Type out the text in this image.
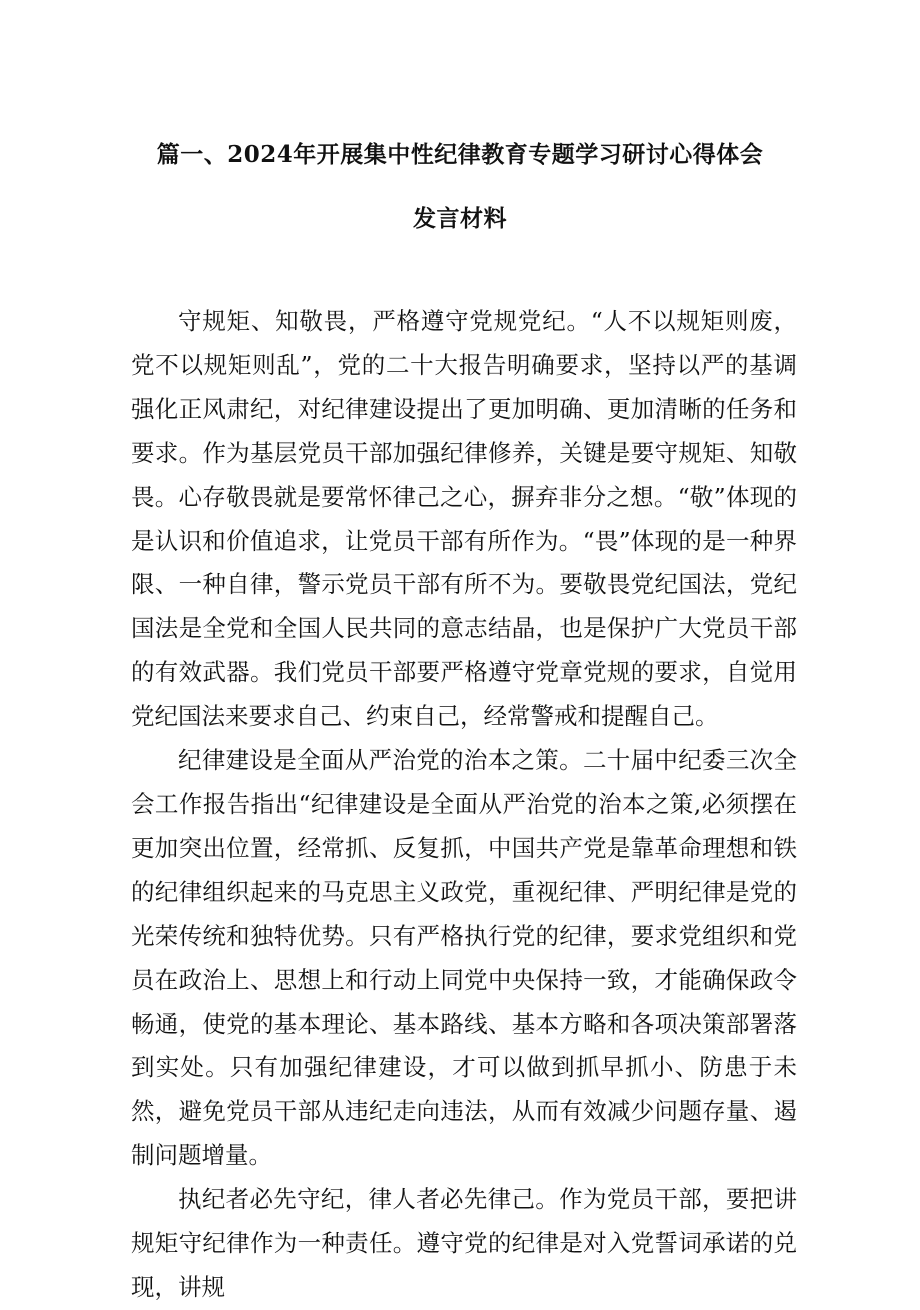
篇一、2024年开展集中性纪律教育专题学习研讨心得体会
发言材料

守规矩、知敬畏，严格遵守党规党纪。“人不以规矩则废，党不以规矩则乱”，党的二十大报告明确要求，坚持以严的基调强化正风肃纪，对纪律建设提出了更加明确、更加清晰的任务和要求。作为基层党员干部加强纪律修养，关键是要守规矩、知敬畏。心存敬畏就是要常怀律己之心，摒弃非分之想。“敬”体现的是认识和价值追求，让党员干部有所作为。“畏”体现的是一种界限、一种自律，警示党员干部有所不为。要敬畏党纪国法，党纪国法是全党和全国人民共同的意志结晶，也是保护广大党员干部的有效武器。我们党员干部要严格遵守党章党规的要求，自觉用党纪国法来要求自己、约束自己，经常警戒和提醒自己。

纪律建设是全面从严治党的治本之策。二十届中纪委三次全会工作报告指出“纪律建设是全面从严治党的治本之策,必须摆在更加突出位置，经常抓、反复抓，中国共产党是靠革命理想和铁的纪律组织起来的马克思主义政党，重视纪律、严明纪律是党的光荣传统和独特优势。只有严格执行党的纪律，要求党组织和党员在政治上、思想上和行动上同党中央保持一致，才能确保政令畅通，使党的基本理论、基本路线、基本方略和各项决策部署落到实处。只有加强纪律建设，才可以做到抓早抓小、防患于未然，避免党员干部从违纪走向违法，从而有效减少问题存量、遏制问题增量。

执纪者必先守纪，律人者必先律己。作为党员干部，要把讲规矩守纪律作为一种责任。遵守党的纪律是对入党誓词承诺的兑现，讲规
